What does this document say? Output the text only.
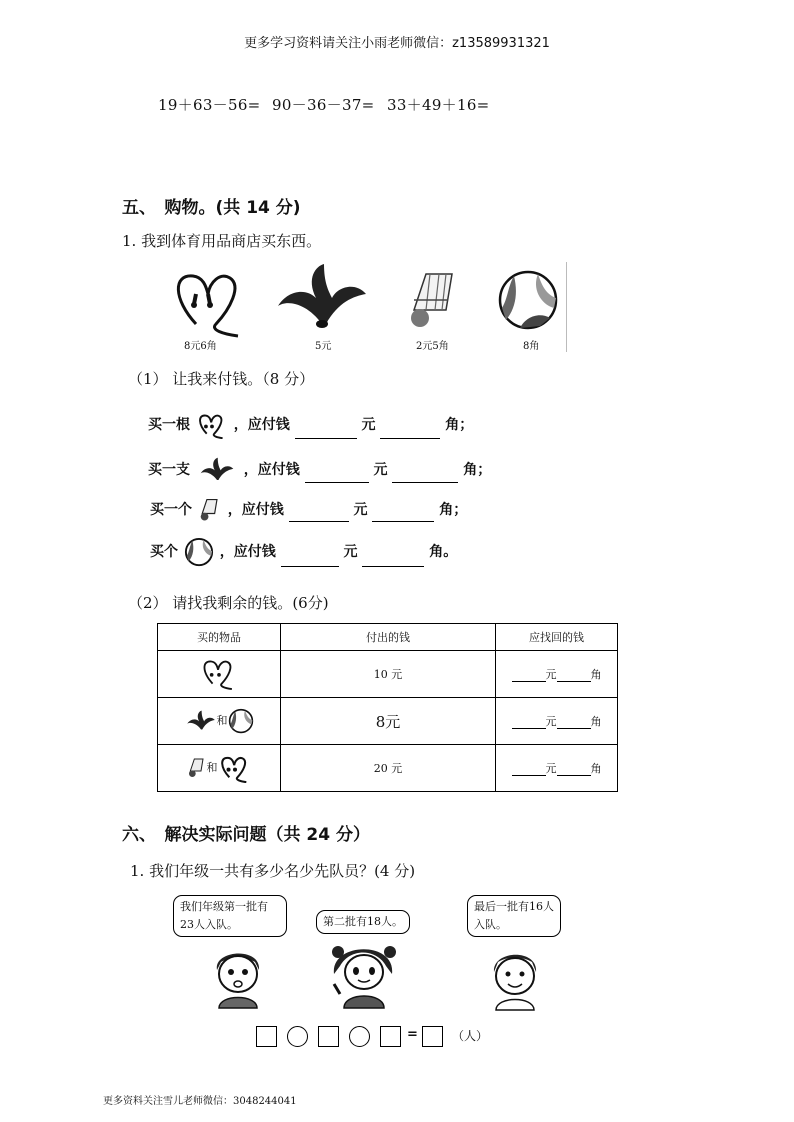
更多学习资料请关注小雨老师微信：z13589931321
19＋63－56= 90－36－37= 33＋49＋16=
五、　购物。(共 14 分)
1. 我到体育用品商店买东西。
8元6角	5元	2元5角	8角
（1） 让我来付钱。（8 分）
买一根	，应付钱	元	角；
买一支	，应付钱	元	角；
买一个	，应付钱	元	角；
买个	，应付钱	元	角。
（2） 请找我剩余的钱。(6分)
买的物品	付出的钱	应找回的钱
	10 元	元 角
和	8元	元 角
和	20 元	元 角
六、　解决实际问题（共 24 分）
1. 我们年级一共有多少名少先队员？(4 分)
我们年级第一批有23人入队。	第二批有18人。
最后一批有16人入队。
=	（人）
更多资料关注雪儿老师微信：3048244041
